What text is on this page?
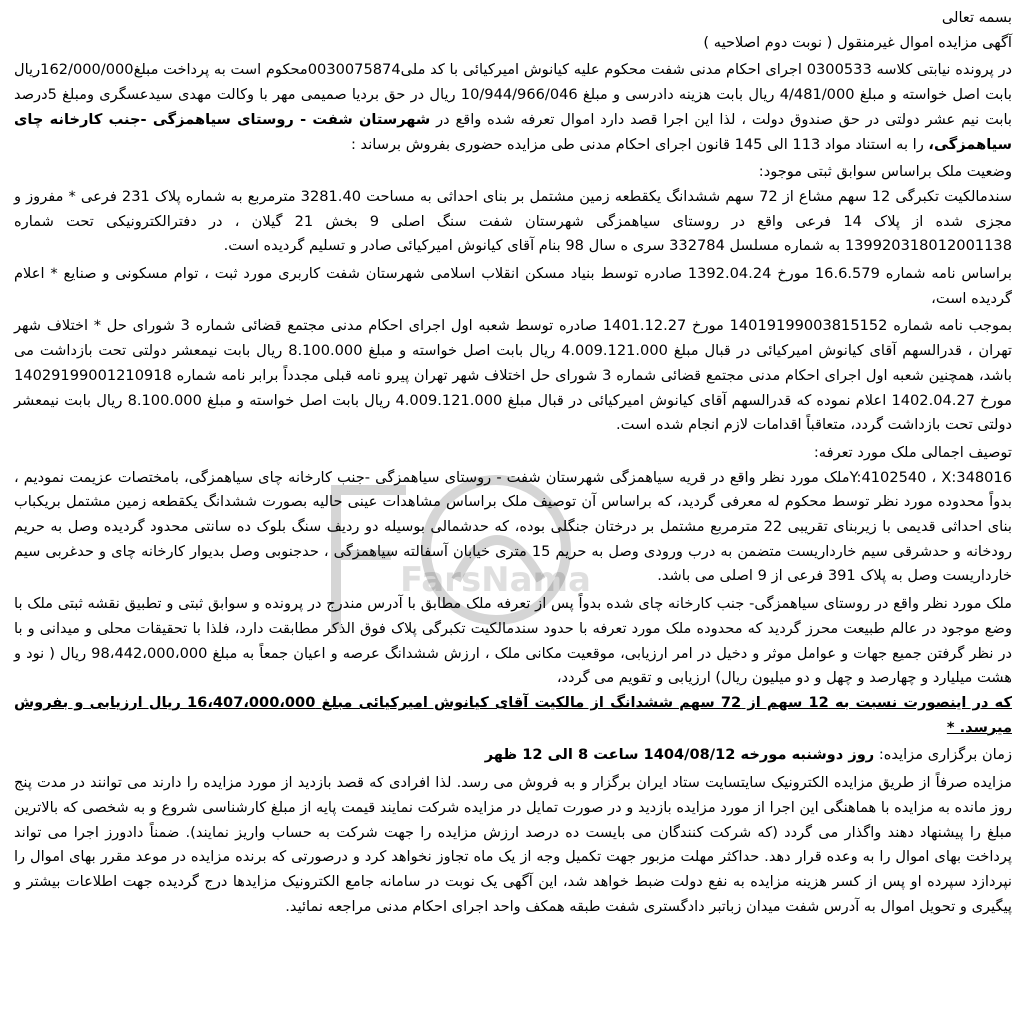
FarsNama

بسمه تعالی

آگهی مزایده اموال غیرمنقول ( نوبت دوم اصلاحیه )

در پرونده نیابتی کلاسه 0300533 اجرای احکام مدنی شفت محکوم علیه کیانوش امیرکیائی با کد ملی0030075874محکوم است به پرداخت مبلغ162/000/000ریال بابت اصل خواسته و مبلغ 4/481/000 ریال بابت هزینه دادرسی و مبلغ 10/944/966/046 ریال در حق بردیا صمیمی مهر با وکالت مهدی سیدعسگری ومبلغ 5درصد بابت نیم عشر دولتی در حق صندوق دولت ، لذا این اجرا قصد دارد اموال تعرفه شده واقع در شهرستان شفت - روستای سیاهمزگی -جنب کارخانه چای سیاهمزگی، را به استناد مواد 113 الی 145 قانون اجرای احکام مدنی طی مزایده حضوری بفروش برساند :

وضعیت ملک براساس سوابق ثبتی موجود:

سندمالکیت تکبرگی 12 سهم مشاع از 72 سهم ششدانگ یکقطعه زمین مشتمل بر بنای احداثی به مساحت 3281.40 مترمربع به شماره پلاک 231 فرعی * مفروز و مجزی شده از پلاک 14 فرعی واقع در روستای سیاهمزگی شهرستان شفت سنگ اصلی 9 بخش 21 گیلان ، در دفترالکترونیکی تحت شماره 139920318012001138 به شماره مسلسل 332784 سری ه سال 98 بنام آقای کیانوش امیرکیائی صادر و تسلیم گردیده است.

براساس نامه شماره 16.6.579 مورخ 1392.04.24 صادره توسط بنیاد مسکن انقلاب اسلامی شهرستان شفت کاربری مورد ثبت ، توام مسکونی و صنایع * اعلام گردیده است،

بموجب نامه شماره 14019199003815152 مورخ 1401.12.27 صادره توسط شعبه اول اجرای احکام مدنی مجتمع قضائی شماره 3 شورای حل * اختلاف شهر تهران ، قدرالسهم آقای کیانوش امیرکیائی در قبال مبلغ 4.009.121.000 ریال بابت اصل خواسته و مبلغ 8.100.000 ریال بابت نیمعشر دولتی تحت بازداشت می باشد، همچنین شعبه اول اجرای احکام مدنی مجتمع قضائی شماره 3 شورای حل اختلاف شهر تهران پیرو نامه قبلی مجدداً برابر نامه شماره 14029199001210918 مورخ 1402.04.27 اعلام نموده که قدرالسهم آقای کیانوش امیرکیائی در قبال مبلغ 4.009.121.000 ریال بابت اصل خواسته و مبلغ 8.100.000 ریال بابت نیمعشر دولتی تحت بازداشت گردد، متعاقباً اقدامات لازم انجام شده است.

توصیف اجمالی ملک مورد تعرفه:

Y:4102540 ، X:348016ملک مورد نظر واقع در قریه سیاهمزگی شهرستان شفت - روستای سیاهمزگی -جنب کارخانه چای سیاهمزگی، بامختصات عزیمت نمودیم ، بدواً محدوده مورد نظر توسط محکوم له معرفی گردید، که براساس آن توصیف ملک براساس مشاهدات عینی حالیه بصورت ششدانگ یکقطعه زمین مشتمل بریکباب بنای احداثی قدیمی با زیربنای تقریبی 22 مترمربع مشتمل بر درختان جنگلی بوده، که حدشمالی بوسیله دو ردیف سنگ بلوک ده سانتی محدود گردیده وصل به حریم رودخانه و حدشرقی سیم خارداریست متضمن به درب ورودی وصل به حریم 15 متری خیابان آسفالته سیاهمزگی ، حدجنوبی وصل بدیوار کارخانه چای و حدغربی سیم خارداریست وصل به پلاک 391 فرعی از 9 اصلی می باشد.

ملک مورد نظر واقع در روستای سیاهمزگی- جنب کارخانه چای شده بدواً پس از تعرفه ملک مطابق با آدرس مندرج در پرونده و سوابق ثبتی و تطبیق نقشه ثبتی ملک با وضع موجود در عالم طبیعت محرز گردید که محدوده ملک مورد تعرفه با حدود سندمالکیت تکبرگی پلاک فوق الذکر مطابقت دارد، فلذا با تحقیقات محلی و میدانی و با در نظر گرفتن جمیع جهات و عوامل موثر و دخیل در امر ارزیابی، موقعیت مکانی ملک ، ارزش ششدانگ عرصه و اعیان جمعاً به مبلغ 98،442،000،000 ریال ( نود و هشت میلیارد و چهارصد و چهل و دو میلیون ریال) ارزیابی و تقویم می گردد،

که در اینصورت نسبت به 12 سهم از 72 سهم ششدانگ از مالکیت آقای کیانوش امیرکیائی مبلغ 16،407،000،000 ریال ارزیابی و بفروش میرسد. *

زمان برگزاری مزایده: روز دوشنبه مورخه 1404/08/12 ساعت 8 الی 12 ظهر

مزایده صرفاً از طریق مزایده الکترونیک سایتسایت ستاد ایران برگزار و به فروش می رسد. لذا افرادی که قصد بازدید از مورد مزایده را دارند می توانند در مدت پنج روز مانده به مزایده با هماهنگی این اجرا از مورد مزایده بازدید و در صورت تمایل در مزایده شرکت نمایند قیمت پایه از مبلغ کارشناسی شروع و به شخصی که بالاترین مبلغ را پیشنهاد دهند واگذار می گردد (که شرکت کنندگان می بایست ده درصد ارزش مزایده را جهت شرکت به حساب واریز نمایند). ضمناً دادورز اجرا می تواند پرداخت بهای اموال را به وعده قرار دهد. حداکثر مهلت مزبور جهت تکمیل وجه از یک ماه تجاوز نخواهد کرد و درصورتی که برنده مزایده در موعد مقرر بهای اموال را نپردازد سپرده او پس از کسر هزینه مزایده به نفع دولت ضبط خواهد شد، این آگهی یک نوبت در سامانه جامع الکترونیک مزایدها درج گردیده جهت اطلاعات بیشتر و پیگیری و تحویل اموال به آدرس شفت میدان زباتبر دادگستری شفت طبقه همکف واحد اجرای احکام مدنی مراجعه نمائید.
